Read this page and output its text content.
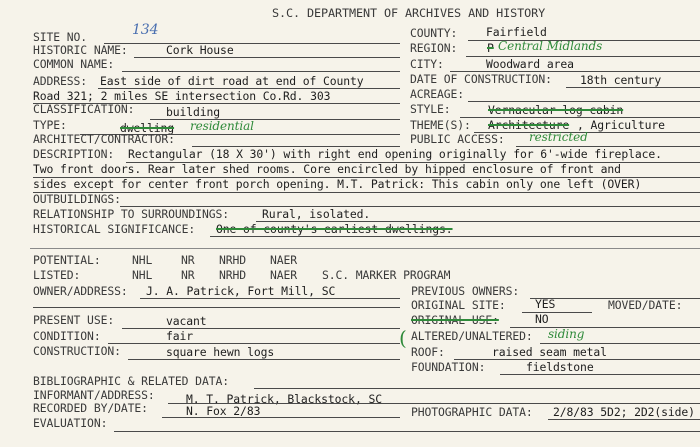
S.C. DEPARTMENT OF ARCHIVES AND HISTORY
SITE NO.	134
HISTORIC NAME:	Cork House
COMMON NAME:
ADDRESS: East side of dirt road at end of County
Road 321; 2 miles SE intersection Co.Rd. 303
CLASSIFICATION:	building
TYPE:	dwelling residential
ARCHITECT/CONTRACTOR:
COUNTY:	Fairfield
REGION:	P Central Midlands
CITY:	Woodward area
DATE OF CONSTRUCTION: 18th century
ACREAGE:
STYLE:	Vernacular log cabin
THEME(S): Architecture , Agriculture
PUBLIC ACCESS: restricted
DESCRIPTION: Rectangular (18 X 30') with right end opening originally for 6'-wide fireplace.
Two front doors. Rear later shed rooms. Core encircled by hipped enclosure of front and
sides except for center front porch opening. M.T. Patrick: This cabin only one left (OVER)
OUTBUILDINGS:
RELATIONSHIP TO SURROUNDINGS:	Rural, isolated.
HISTORICAL SIGNIFICANCE: One of county's earliest dwellings.
POTENTIAL:	NHL	NR NRHD NAER
LISTED:	NHL	NR NRHD NAER S.C. MARKER PROGRAM
OWNER/ADDRESS: J. A. Patrick, Fort Mill, SC	PREVIOUS OWNERS:
ORIGINAL SITE:	YES	MOVED/DATE:
PRESENT USE:	vacant	ORIGINAL USE:	NO
CONDITION:	fair	( ALTERED/UNALTERED: siding
CONSTRUCTION:	square hewn logs	ROOF:	raised seam metal
FOUNDATION:	fieldstone
BIBLIOGRAPHIC & RELATED DATA:
INFORMANT/ADDRESS:	M. T. Patrick, Blackstock, SC
RECORDED BY/DATE:	N. Fox 2/83	PHOTOGRAPHIC DATA: 2/8/83 5D2; 2D2(side)
EVALUATION:
